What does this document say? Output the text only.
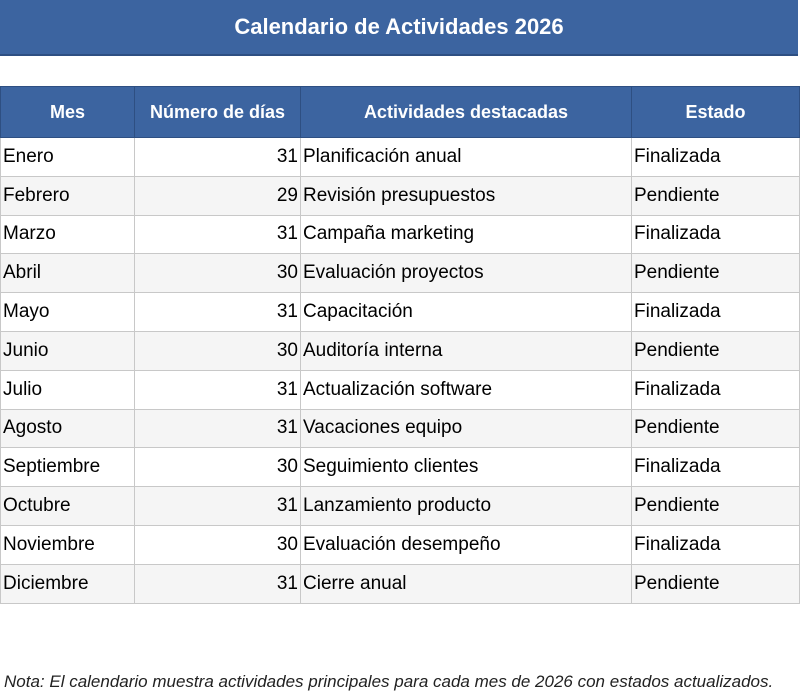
Calendario de Actividades 2026
Mes	Número de días	Actividades destacadas	Estado
Enero	31	Planificación anual	Finalizada
Febrero	29	Revisión presupuestos	Pendiente
Marzo	31	Campaña marketing	Finalizada
Abril	30	Evaluación proyectos	Pendiente
Mayo	31	Capacitación	Finalizada
Junio	30	Auditoría interna	Pendiente
Julio	31	Actualización software	Finalizada
Agosto	31	Vacaciones equipo	Pendiente
Septiembre	30	Seguimiento clientes	Finalizada
Octubre	31	Lanzamiento producto	Pendiente
Noviembre	30	Evaluación desempeño	Finalizada
Diciembre	31	Cierre anual	Pendiente
Nota: El calendario muestra actividades principales para cada mes de 2026 con estados actualizados.
